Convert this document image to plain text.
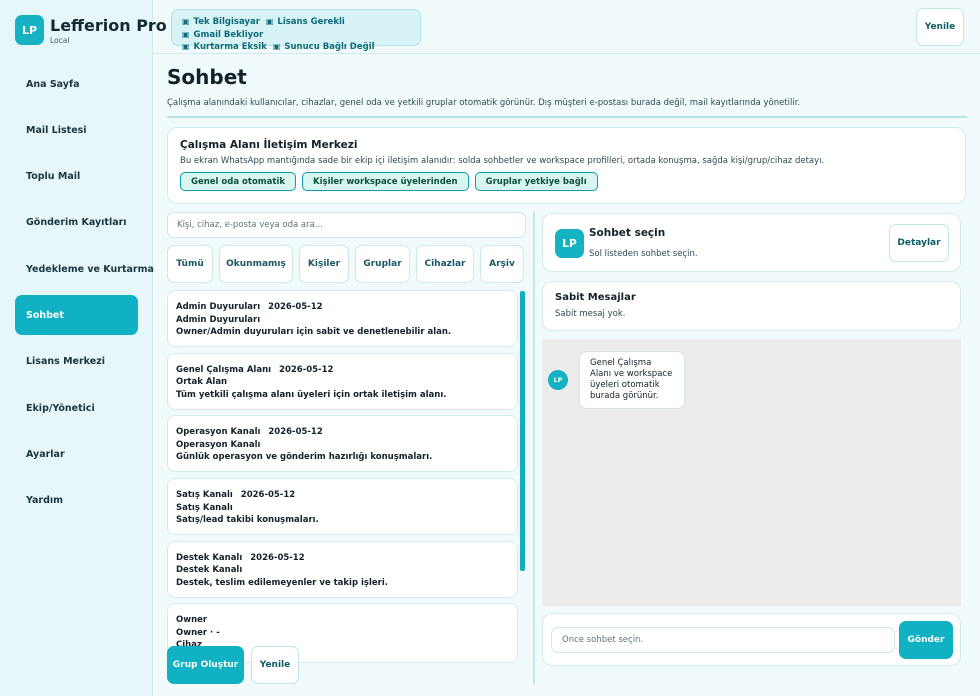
LP Lefferion Pro
Local
Ana Sayfa
Mail Listesi
Toplu Mail
Gönderim Kayıtları
Yedekleme ve Kurtarma
Sohbet
Lisans Merkezi
Ekip/Yönetici
Ayarlar
Yardım
▣ Tek Bilgisayar ▣ Lisans Gerekli▣ Gmail Bekliyor
▣ Kurtarma Eksik ▣ Sunucu Bağlı Değil
Yenile
Sohbet
Çalışma alanındaki kullanıcılar, cihazlar, genel oda ve yetkili gruplar otomatik görünür. Dış müşteri e-postası burada değil, mail kayıtlarında yönetilir.
Çalışma Alanı İletişim Merkezi
Bu ekran WhatsApp mantığında sade bir ekip içi iletişim alanıdır: solda sohbetler ve workspace profilleri, ortada konuşma, sağda kişi/grup/cihaz detayı.
Genel oda otomatik	Kişiler workspace üyelerinden	Gruplar yetkiye bağlı
Kişi, cihaz, e-posta veya oda ara...
Tümü	Okunmamış	Kişiler	Gruplar	Cihazlar	Arşiv
Admin Duyuruları 2026-05-12
Admin Duyuruları
Owner/Admin duyuruları için sabit ve denetlenebilir alan.
Genel Çalışma Alanı 2026-05-12
Ortak Alan
Tüm yetkili çalışma alanı üyeleri için ortak iletişim alanı.
Operasyon Kanalı 2026-05-12
Operasyon Kanalı
Günlük operasyon ve gönderim hazırlığı konuşmaları.
Satış Kanalı 2026-05-12
Satış Kanalı
Satış/lead takibi konuşmaları.
Destek Kanalı 2026-05-12
Destek Kanalı
Destek, teslim edilemeyenler ve takip işleri.
Owner
Owner · -
Grup Oluştur	Yenile
LP
Sohbet seçin
Sol listeden sohbet seçin.
Detaylar
Sabit Mesajlar
Sabit mesaj yok.
LP
Genel Çalışma Alanı ve workspace üyeleri otomatik burada görünür.
Önce sohbet seçin.
Gönder
